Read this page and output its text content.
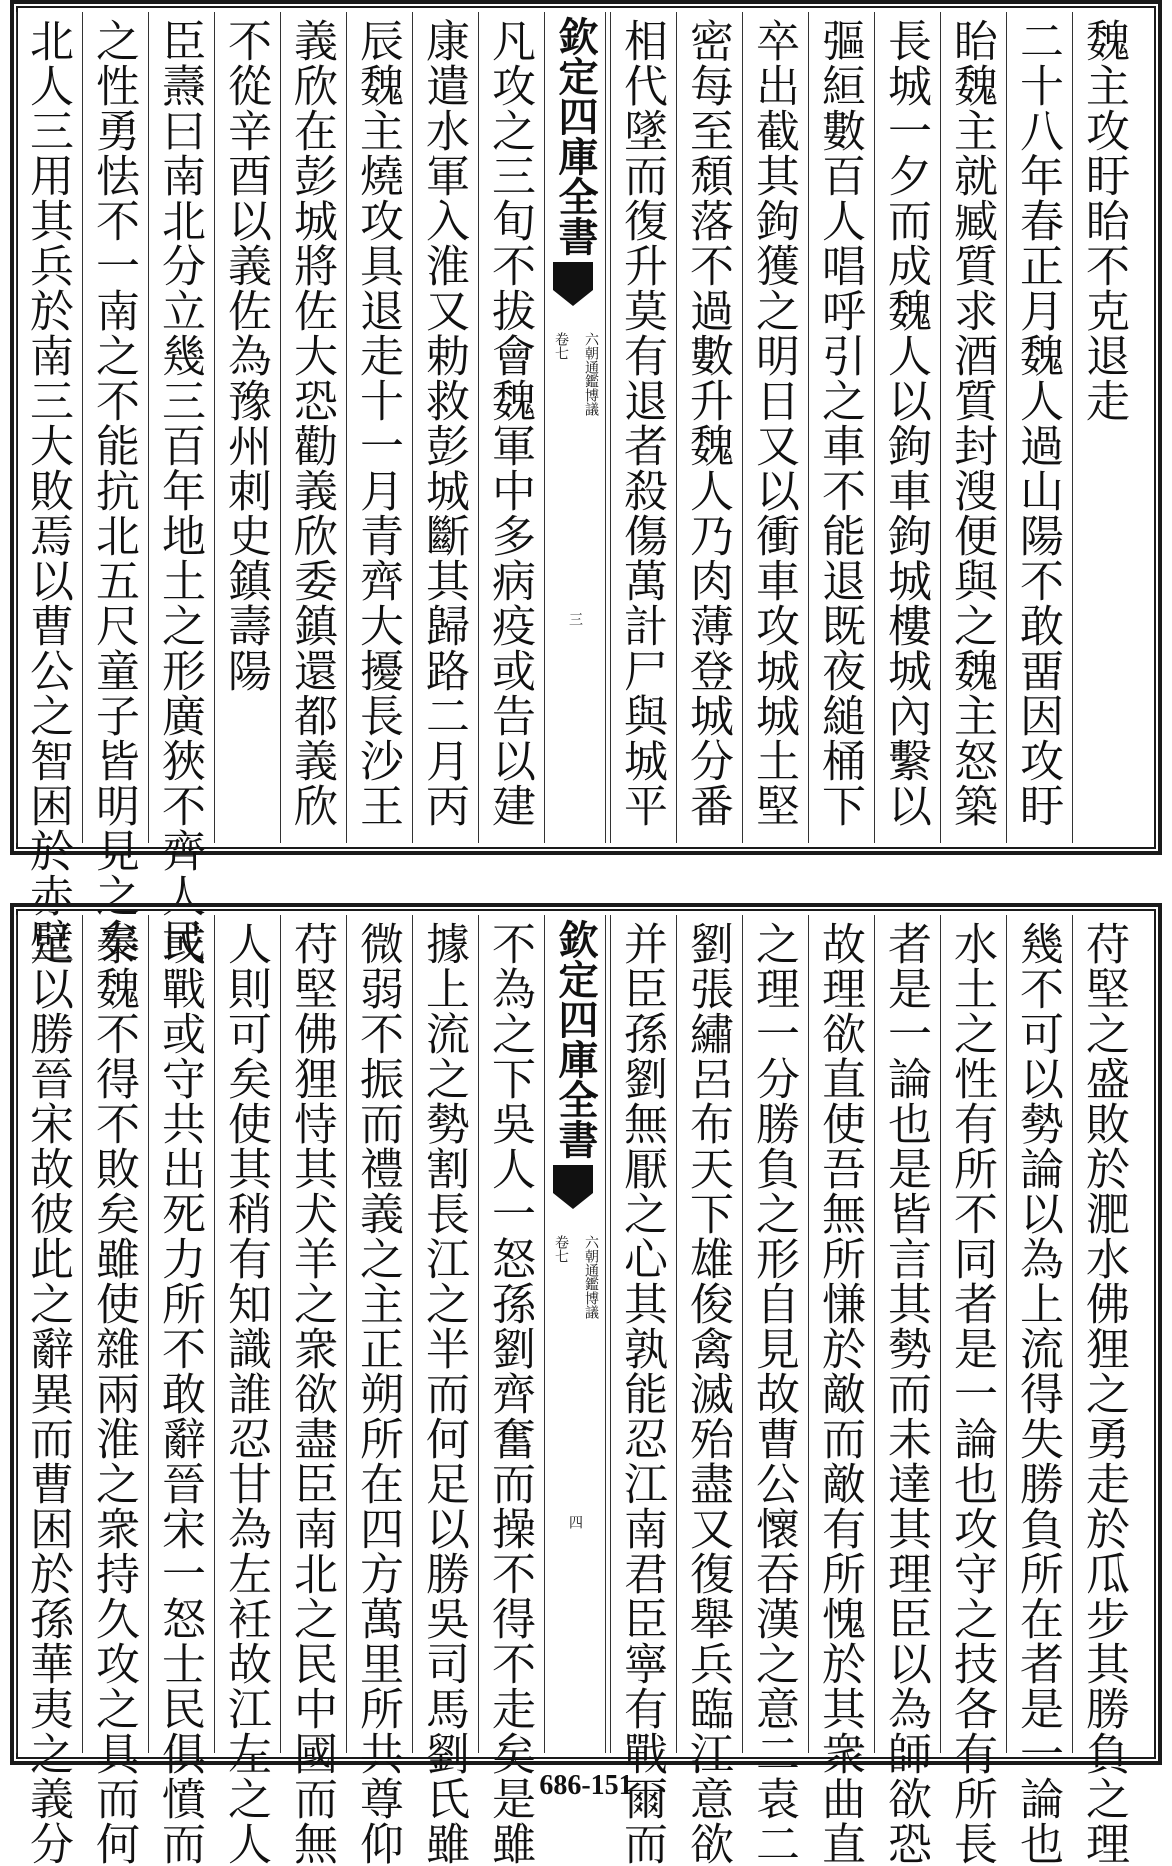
魏主攻盱眙不克退走
二十八年春正月魏人過山陽不敢畱因攻盱
眙魏主就臧質求酒質封溲便與之魏主怒築
長城一夕而成魏人以鉤車鉤城樓城內繫以
彄絙數百人唱呼引之車不能退既夜縋桶下
卒出截其鉤獲之明日又以衝車攻城城土堅
密每至頹落不過數升魏人乃肉薄登城分番
相代墜而復升莫有退者殺傷萬計尸與城平
欽定四庫全書
六朝通鑑博議
卷七
三
凡攻之三旬不拔會魏軍中多病疫或告以建
康遣水軍入淮又勅救彭城斷其歸路二月丙
辰魏主燒攻具退走十一月青齊大擾長沙王
義欣在彭城將佐大恐勸義欣委鎮還都義欣
不從辛酉以義佐為豫州刺史鎮壽陽
臣燾曰南北分立幾三百年地土之形廣狹不齊人民
之性勇怯不一南之不能抗北五尺童子皆明見之矣
北人三用其兵於南三大敗焉以曹公之智困於赤壁
苻堅之盛敗於淝水佛狸之勇走於瓜步其勝負之理
幾不可以勢論以為上流得失勝負所在者是一論也
水土之性有所不同者是一論也攻守之技各有所長
者是一論也是皆言其勢而未達其理臣以為師欲恐
故理欲直使吾無所慊於敵而敵有所愧於其衆曲直
之理一分勝負之形自見故曹公懷吞漢之意二袁二
劉張繡呂布天下雄俊禽滅殆盡又復舉兵臨江意欲
并臣孫劉無厭之心其孰能忍江南君臣寧有戰爾而
欽定四庫全書
六朝通鑑博議
卷七
四
不為之下吳人一怒孫劉齊奮而操不得不走矣是雖
據上流之勢割長江之半而何足以勝吳司馬劉氏雖
微弱不振而禮義之主正朔所在四方萬里所共尊仰
苻堅佛狸恃其犬羊之衆欲盡臣南北之民中國而無
人則可矣使其稍有知識誰忍甘為左衽故江左之人
或戰或守共出死力所不敢辭晉宋一怒士民俱憤而
泰魏不得不敗矣雖使雜兩淮之衆持久攻之具而何
足以勝晉宋故彼此之辭異而曹困於孫華夷之義分	686-151
